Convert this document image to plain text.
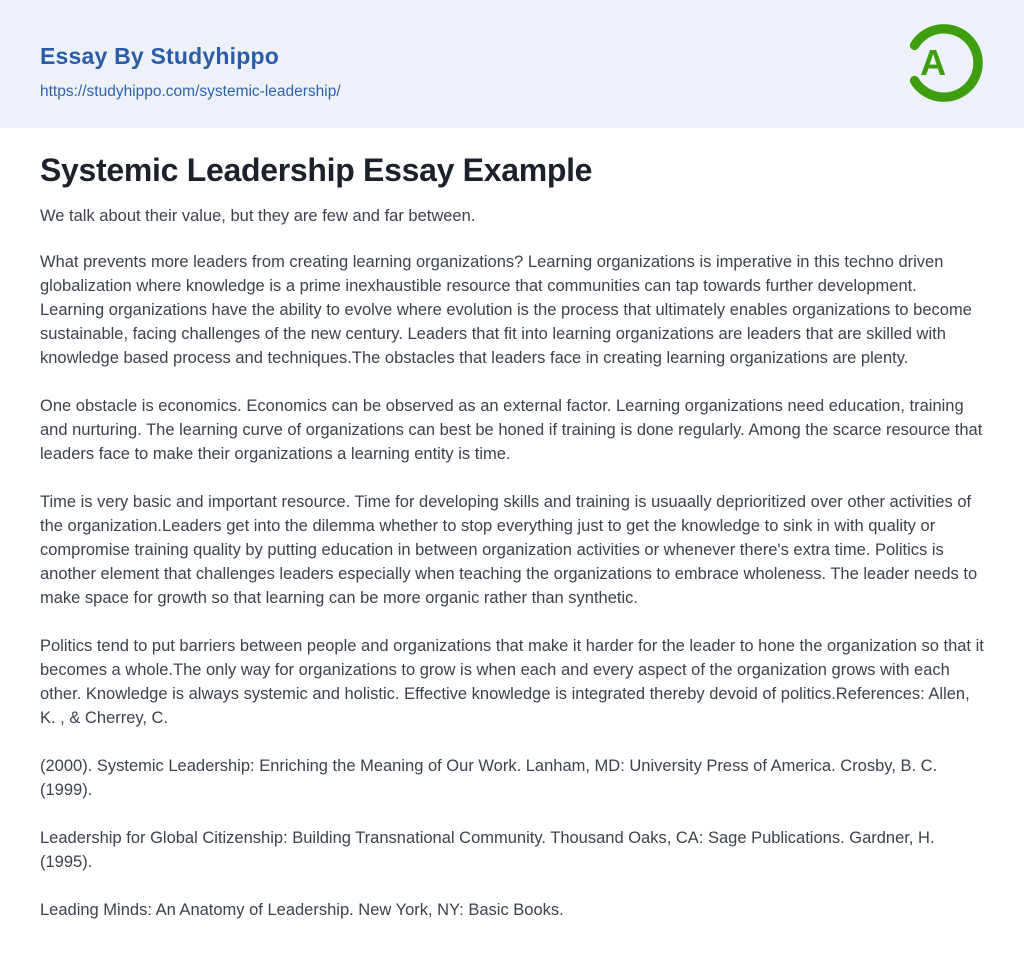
Essay By Studyhippo
https://studyhippo.com/systemic-leadership/
A
Systemic Leadership Essay Example

We talk about their value, but they are few and far between.

What prevents more leaders from creating learning organizations? Learning organizations is imperative in this techno driven globalization where knowledge is a prime inexhaustible resource that communities can tap towards further development. Learning organizations have the ability to evolve where evolution is the process that ultimately enables organizations to become sustainable, facing challenges of the new century. Leaders that fit into learning organizations are leaders that are skilled with knowledge based process and techniques.The obstacles that leaders face in creating learning organizations are plenty.

One obstacle is economics. Economics can be observed as an external factor. Learning organizations need education, training and nurturing. The learning curve of organizations can best be honed if training is done regularly. Among the scarce resource that leaders face to make their organizations a learning entity is time.

Time is very basic and important resource. Time for developing skills and training is usuaally deprioritized over other activities of the organization.Leaders get into the dilemma whether to stop everything just to get the knowledge to sink in with quality or compromise training quality by putting education in between organization activities or whenever there's extra time. Politics is another element that challenges leaders especially when teaching the organizations to embrace wholeness. The leader needs to make space for growth so that learning can be more organic rather than synthetic.

Politics tend to put barriers between people and organizations that make it harder for the leader to hone the organization so that it becomes a whole.The only way for organizations to grow is when each and every aspect of the organization grows with each other. Knowledge is always systemic and holistic. Effective knowledge is integrated thereby devoid of politics.References: Allen, K. , & Cherrey, C.

(2000). Systemic Leadership: Enriching the Meaning of Our Work. Lanham, MD: University Press of America. Crosby, B. C. (1999).

Leadership for Global Citizenship: Building Transnational Community. Thousand Oaks, CA: Sage Publications. Gardner, H. (1995).

Leading Minds: An Anatomy of Leadership. New York, NY: Basic Books.
